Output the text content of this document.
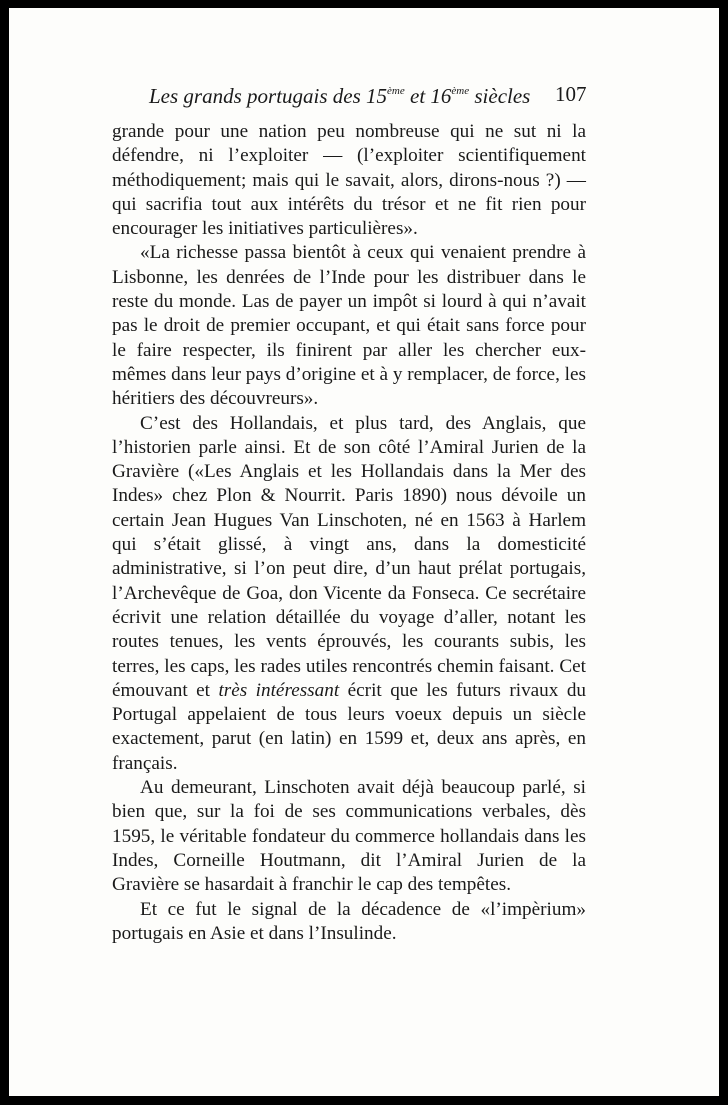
Les grands portugais des 15ème et 16ème siècles	107

grande pour une nation peu nombreuse qui ne sut ni la défendre, ni l’exploiter — (l’exploiter scientifiquement méthodiquement; mais qui le savait, alors, dirons-nous ?) — qui sacrifia tout aux intérêts du trésor et ne fit rien pour encourager les initiatives particulières».

«La richesse passa bientôt à ceux qui venaient prendre à Lisbonne, les denrées de l’Inde pour les distribuer dans le reste du monde. Las de payer un impôt si lourd à qui n’avait pas le droit de premier occupant, et qui était sans force pour le faire respecter, ils finirent par aller les chercher eux-mêmes dans leur pays d’origine et à y remplacer, de force, les héritiers des découvreurs».

C’est des Hollandais, et plus tard, des Anglais, que l’historien parle ainsi. Et de son côté l’Amiral Jurien de la Gravière («Les Anglais et les Hollandais dans la Mer des Indes» chez Plon & Nourrit. Paris 1890) nous dévoile un certain Jean Hugues Van Linschoten, né en 1563 à Harlem qui s’était glissé, à vingt ans, dans la domesticité administrative, si l’on peut dire, d’un haut prélat portugais, l’Archevêque de Goa, don Vicente da Fonseca. Ce secrétaire écrivit une relation détaillée du voyage d’aller, notant les routes tenues, les vents éprouvés, les courants subis, les terres, les caps, les rades utiles rencontrés chemin faisant. Cet émouvant et très intéressant écrit que les futurs rivaux du Portugal appelaient de tous leurs voeux depuis un siècle exactement, parut (en latin) en 1599 et, deux ans après, en français.

Au demeurant, Linschoten avait déjà beaucoup parlé, si bien que, sur la foi de ses communications verbales, dès 1595, le véritable fondateur du commerce hollandais dans les Indes, Corneille Houtmann, dit l’Amiral Jurien de la Gravière se hasardait à franchir le cap des tempêtes.

Et ce fut le signal de la décadence de «l’impèrium» portugais en Asie et dans l’Insulinde.
